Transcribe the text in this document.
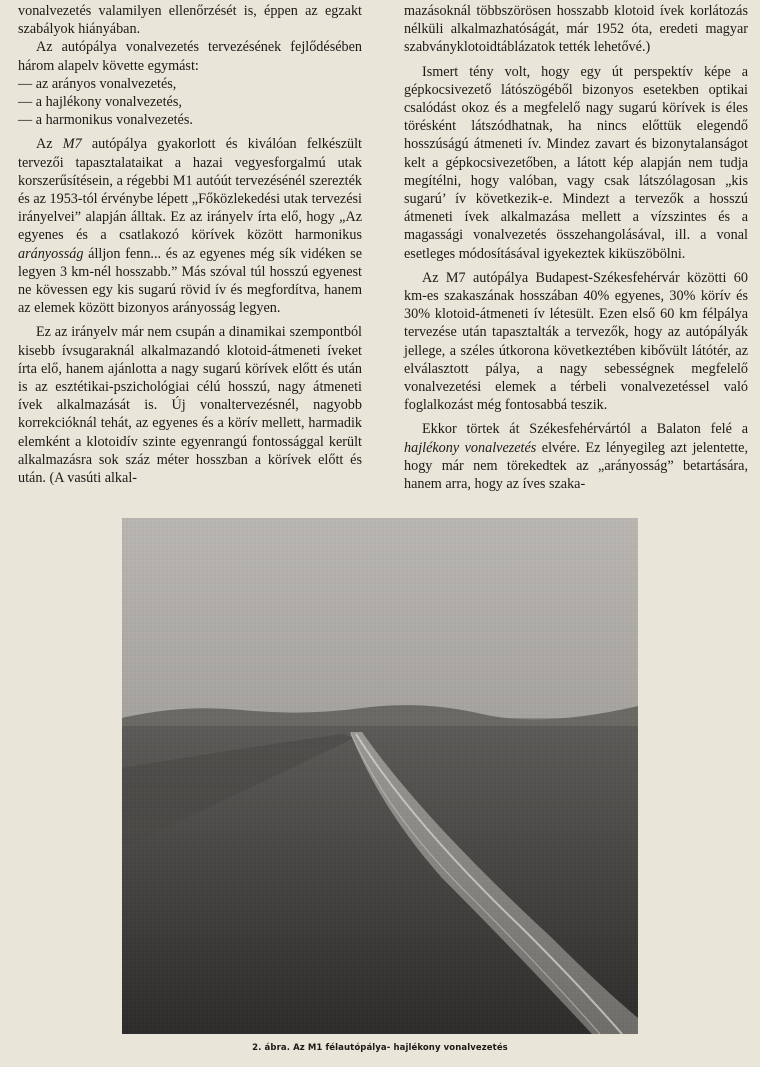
vonalvezetés valamilyen ellenőrzését is, éppen az egzakt szabályok hiányában.

Az autópálya vonalvezetés tervezésének fejlődésében három alapelv követte egymást:

— az arányos vonalvezetés,

— a hajlékony vonalvezetés,

— a harmonikus vonalvezetés.

Az M7 autópálya gyakorlott és kiválóan felkészült tervezői tapasztalataikat a hazai vegyesforgalmú utak korszerűsítésein, a régebbi M1 autóút tervezésénél szerezték és az 1953-tól érvénybe lépett „Főközlekedési utak tervezési irányelvei” alapján álltak. Ez az irányelv írta elő, hogy „Az egyenes és a csatlakozó körívek között harmonikus arányosság álljon fenn... és az egyenes még sík vidéken se legyen 3 km-nél hosszabb.” Más szóval túl hosszú egyenest ne kövessen egy kis sugarú rövid ív és megfordítva, hanem az elemek között bizonyos arányosság legyen.

Ez az irányelv már nem csupán a dinamikai szempontból kisebb ívsugaraknál alkalmazandó klotoid-átmeneti íveket írta elő, hanem ajánlotta a nagy sugarú körívek előtt és után is az esztétikai-pszichológiai célú hosszú, nagy átmeneti ívek alkalmazását is. Új vonaltervezésnél, nagyobb korrekcióknál tehát, az egyenes és a körív mellett, harmadik elemként a klotoidív szinte egyenrangú fontossággal került alkalmazásra sok száz méter hosszban a körívek előtt és után. (A vasúti alkal-

mazásoknál többszörösen hosszabb klotoid ívek korlátozás nélküli alkalmazhatóságát, már 1952 óta, eredeti magyar szabványklotoidtáblázatok tették lehetővé.)

Ismert tény volt, hogy egy út perspektív képe a gépkocsivezető látószögéből bizonyos esetekben optikai csalódást okoz és a megfelelő nagy sugarú körívek is éles törésként látszódhatnak, ha nincs előttük elegendő hosszúságú átmeneti ív. Mindez zavart és bizonytalanságot kelt a gépkocsivezetőben, a látott kép alapján nem tudja megítélni, hogy valóban, vagy csak látszólagosan „kis sugarú’ ív következik-e. Mindezt a tervezők a hosszú átmeneti ívek alkalmazása mellett a vízszintes és a magassági vonalvezetés összehangolásával, ill. a vonal esetleges módosításával igyekeztek kiküszöbölni.

Az M7 autópálya Budapest-Székesfehérvár közötti 60 km-es szakaszának hosszában 40% egyenes, 30% körív és 30% klotoid-átmeneti ív létesült. Ezen első 60 km félpálya tervezése után tapasztalták a tervezők, hogy az autópályák jellege, a széles útkorona következtében kibővült látótér, az elválasztott pálya, a nagy sebességnek megfelelő vonalvezetési elemek a térbeli vonalvezetéssel való foglalkozást még fontosabbá teszik.

Ekkor törtek át Székesfehérvártól a Balaton felé a hajlékony vonalvezetés elvére. Ez lényegileg azt jelentette, hogy már nem törekedtek az „arányosság” betartására, hanem arra, hogy az íves szaka-

2. ábra. Az M1 félautópálya- hajlékony vonalvezetés
